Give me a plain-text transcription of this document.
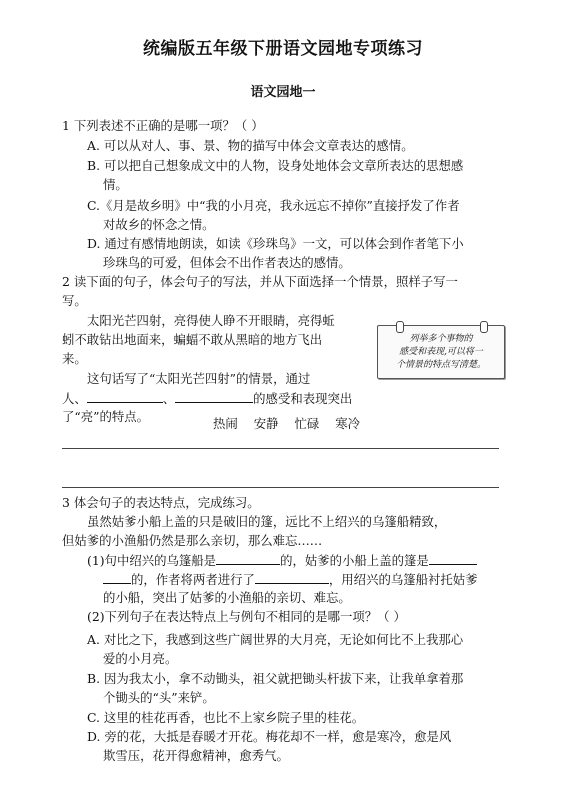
统编版五年级下册语文园地专项练习
语文园地一
1 下列表述不正确的是哪一项？（ ）
A. 可以从对人、事、景、物的描写中体会文章表达的感情。
B. 可以把自己想象成文中的人物，设身处地体会文章所表达的思想感
情。
C.《月是故乡明》中“我的小月亮，我永远忘不掉你”直接抒发了作者
对故乡的怀念之情。
D. 通过有感情地朗读，如读《珍珠鸟》一文，可以体会到作者笔下小
珍珠鸟的可爱，但体会不出作者表达的感情。
2 读下面的句子，体会句子的写法，并从下面选择一个情景，照样子写一
写。
太阳光芒四射，亮得使人睁不开眼睛，亮得蚯
蚓不敢钻出地面来，蝙蝠不敢从黑暗的地方飞出
来。
这句话写了“太阳光芒四射”的情景，通过
人、	、	的感受和表现突出
了“亮”的特点。
列举多个事物的
感受和表现,可以将一
个情景的特点写清楚。
热闹 安静 忙碌 寒冷
3 体会句子的表达特点，完成练习。
虽然姑爹小船上盖的只是破旧的篷，远比不上绍兴的乌篷船精致，
但姑爹的小渔船仍然是那么亲切，那么难忘……
(1)句中绍兴的乌篷船是	的，姑爹的小船上盖的篷是
的，作者将两者进行了	，用绍兴的乌篷船衬托姑爹
的小船，突出了姑爹的小渔船的亲切、难忘。
(2)下列句子在表达特点上与例句不相同的是哪一项？（ ）
A. 对比之下，我感到这些广阔世界的大月亮，无论如何比不上我那心
爱的小月亮。
B. 因为我太小，拿不动锄头，祖父就把锄头杆拔下来，让我单拿着那
个锄头的“头”来铲。
C. 这里的桂花再香，也比不上家乡院子里的桂花。
D. 旁的花，大抵是春暖才开花。梅花却不一样，愈是寒冷，愈是风
欺雪压，花开得愈精神，愈秀气。
